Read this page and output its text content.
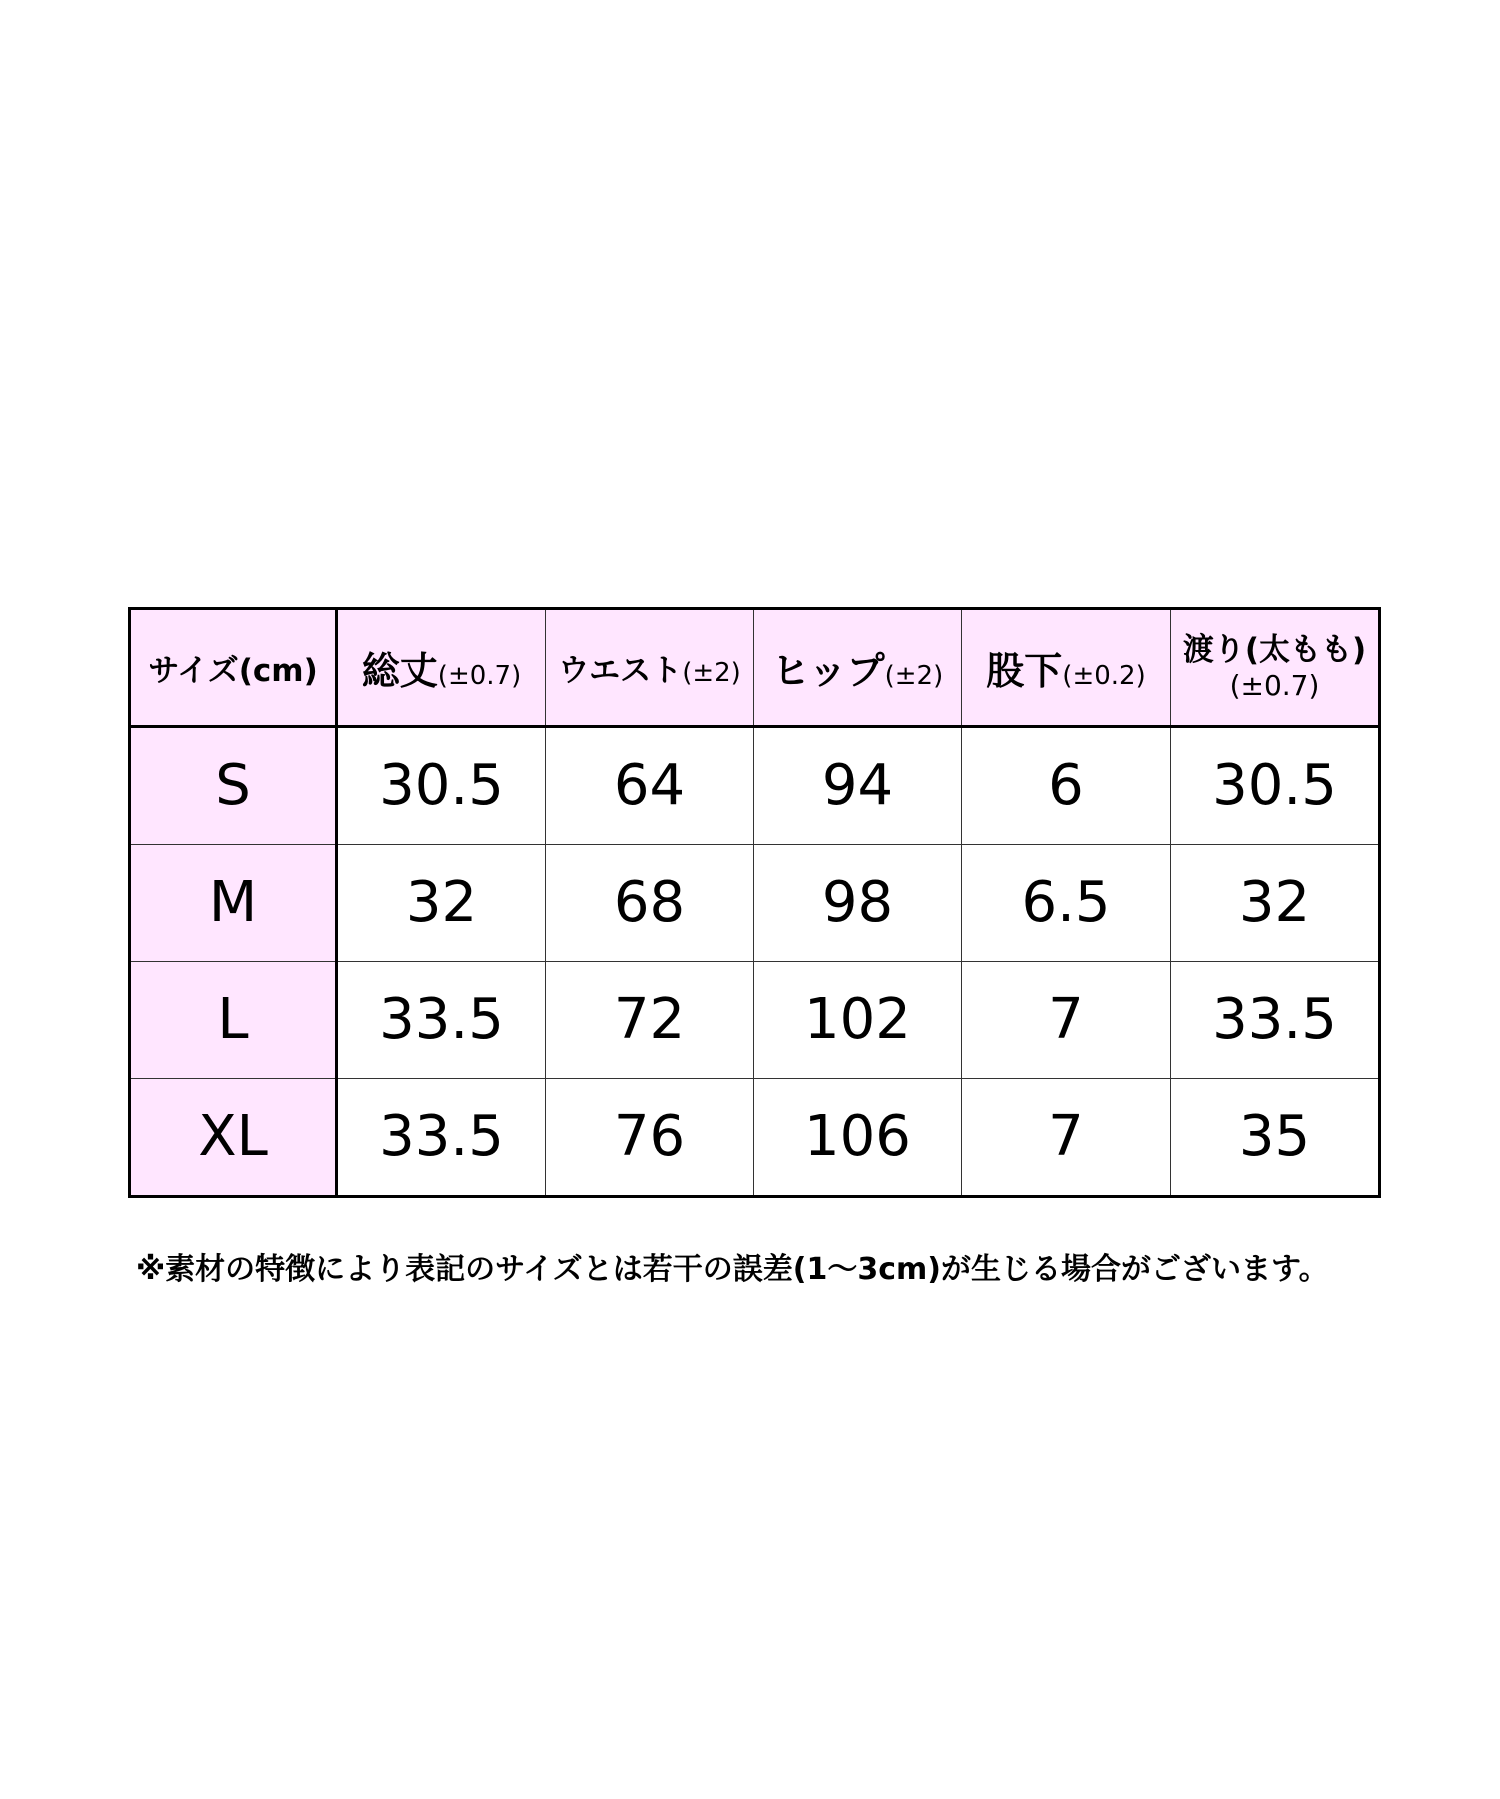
サイズ(cm)	総丈(±0.7)	ウエスト(±2)	ヒップ(±2)	股下(±0.2)	渡り(太もも)
(±0.7)

S	30.5	64	94	6	30.5
M	32	68	98	6.5	32
L	33.5	72	102	7	33.5
XL	33.5	76	106	7	35

※素材の特徴により表記のサイズとは若干の誤差(1～3cm)が生じる場合がございます。
